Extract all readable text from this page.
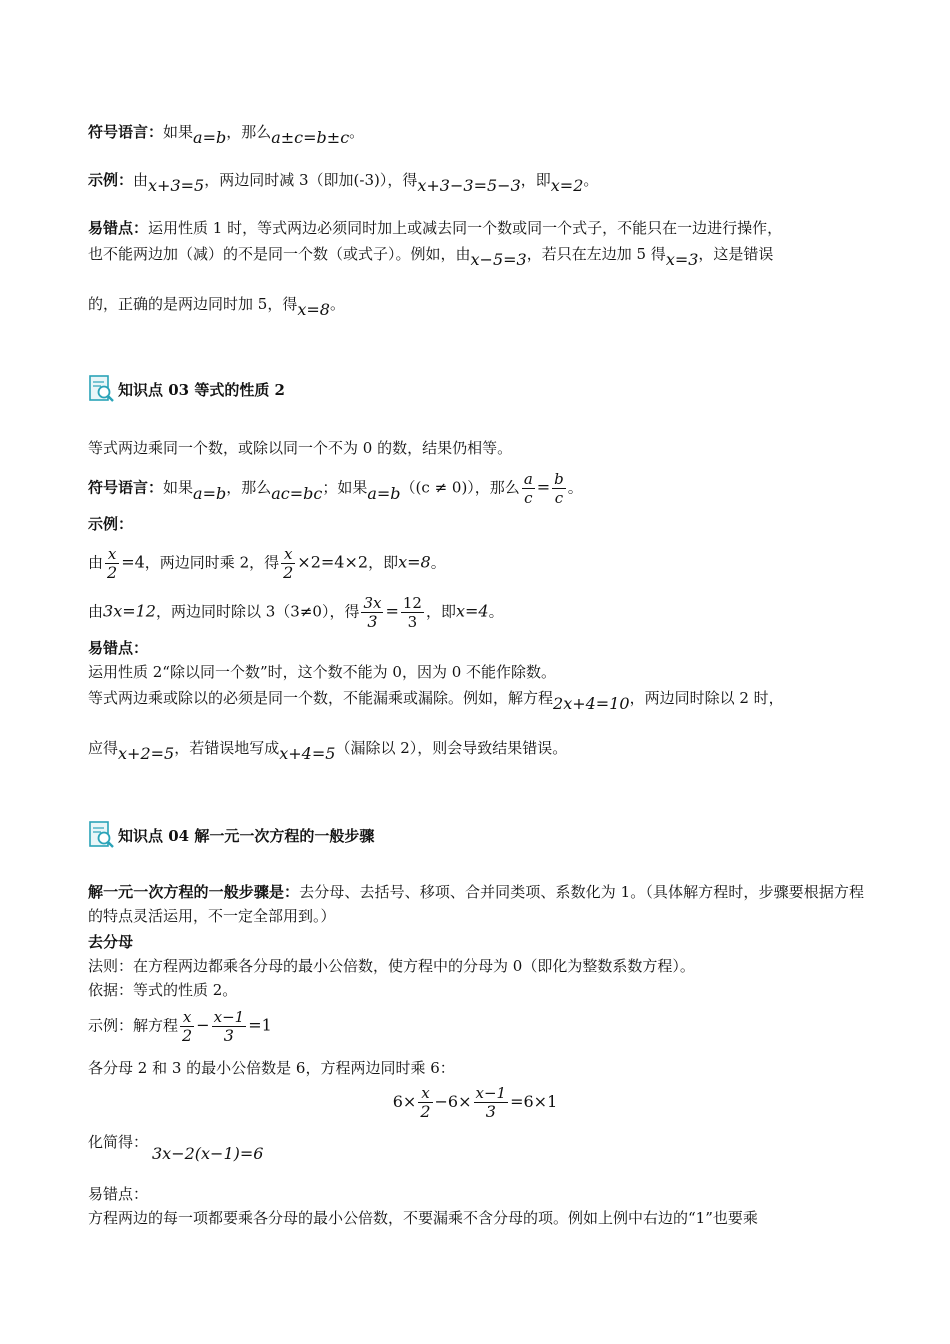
符号语言：如果a=b，那么a±c=b±c。
示例：由x+3=5，两边同时减 3（即加(-3)），得x+3−3=5−3，即x=2。
易错点：运用性质 1 时，等式两边必须同时加上或减去同一个数或同一个式子，不能只在一边进行操作，
也不能两边加（减）的不是同一个数（或式子）。例如，由x−5=3，若只在左边加 5 得x=3，这是错误
的，正确的是两边同时加 5，得x=8。
知识点 03 等式的性质 2
等式两边乘同一个数，或除以同一个不为 0 的数，结果仍相等。
符号语言：如果a=b，那么ac=bc；如果a=b（(c ≠ 0)），那么 $\frac{a}{c} = \frac{b}{c}$ 。
示例：
由 $\frac{x}{2} =4$，两边同时乘 2，得 $\frac{x}{2} \times 2=4\times 2$，即x=8。
由3x=12，两边同时除以 3（3≠0），得 $\frac{3x}{3} = \frac{12}{3}$ ，即x=4。
易错点：
运用性质 2“除以同一个数”时，这个数不能为 0，因为 0 不能作除数。
等式两边乘或除以的必须是同一个数，不能漏乘或漏除。例如，解方程2x+4=10，两边同时除以 2 时，
应得x+2=5，若错误地写成x+4=5（漏除以 2），则会导致结果错误。
知识点 04 解一元一次方程的一般步骤
解一元一次方程的一般步骤是：去分母、去括号、移项、合并同类项、系数化为 1。（具体解方程时，步骤要根据方程的特点灵活运用，不一定全部用到。）
去分母
法则：在方程两边都乘各分母的最小公倍数，使方程中的分母为 0（即化为整数系数方程）。
依据：等式的性质 2。
示例：解方程 $\frac{x}{2} - \frac{x-1}{3} =1$
各分母 2 和 3 的最小公倍数是 6，方程两边同时乘 6：
$6\times \frac{x}{2} -6\times \frac{x-1}{3} =6\times 1$
化简得：
3x−2(x−1)=6
易错点：
方程两边的每一项都要乘各分母的最小公倍数，不要漏乘不含分母的项。例如上例中右边的“1”也要乘
